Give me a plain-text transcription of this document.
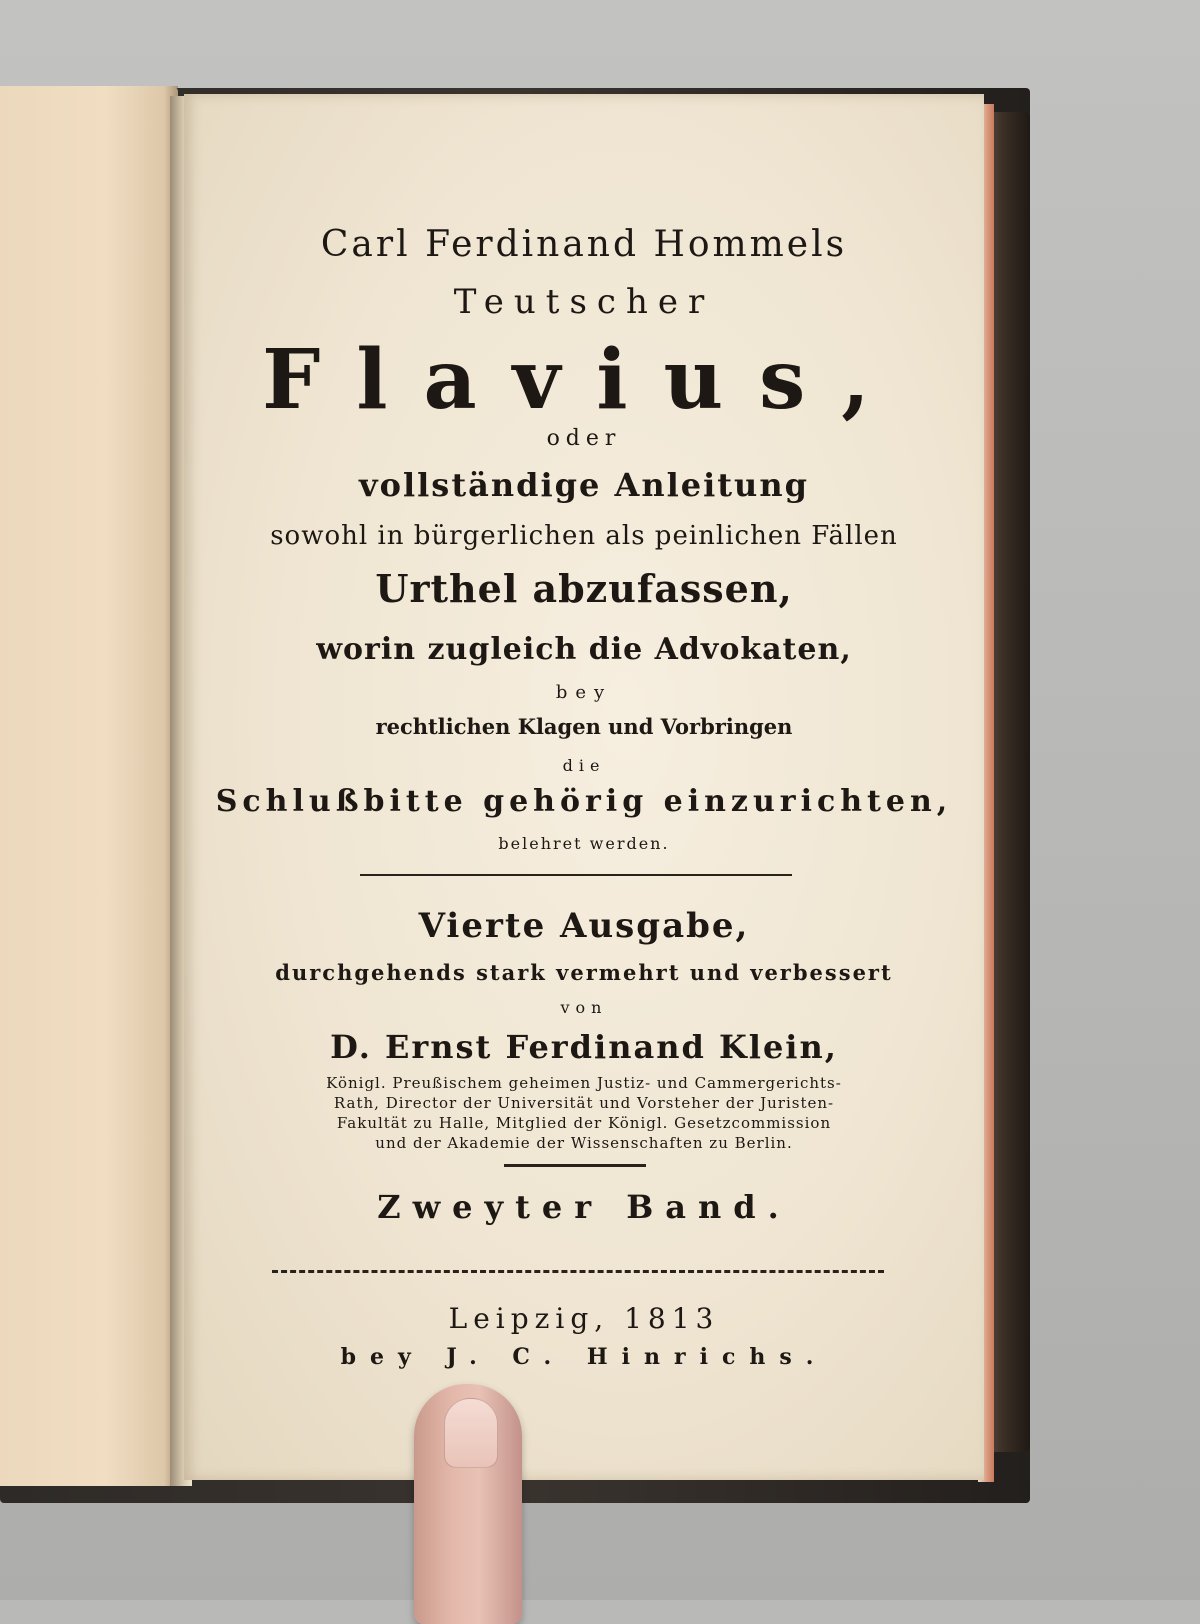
Carl Ferdinand Hommels
Teutscher
Flavius,
oder
vollständige Anleitung
sowohl in bürgerlichen als peinlichen Fällen
Urthel abzufassen,
worin zugleich die Advokaten,
bey
rechtlichen Klagen und Vorbringen
die
Schlußbitte gehörig einzurichten,
belehret werden.
Vierte Ausgabe,
durchgehends stark vermehrt und verbessert
von
D. Ernst Ferdinand Klein,
Königl. Preußischem geheimen Justiz- und Cammergerichts-
Rath, Director der Universität und Vorsteher der Juristen-
Fakultät zu Halle, Mitglied der Königl. Gesetzcommission
und der Akademie der Wissenschaften zu Berlin.
Zweyter Band.
Leipzig, 1813
bey J. C. Hinrichs.
